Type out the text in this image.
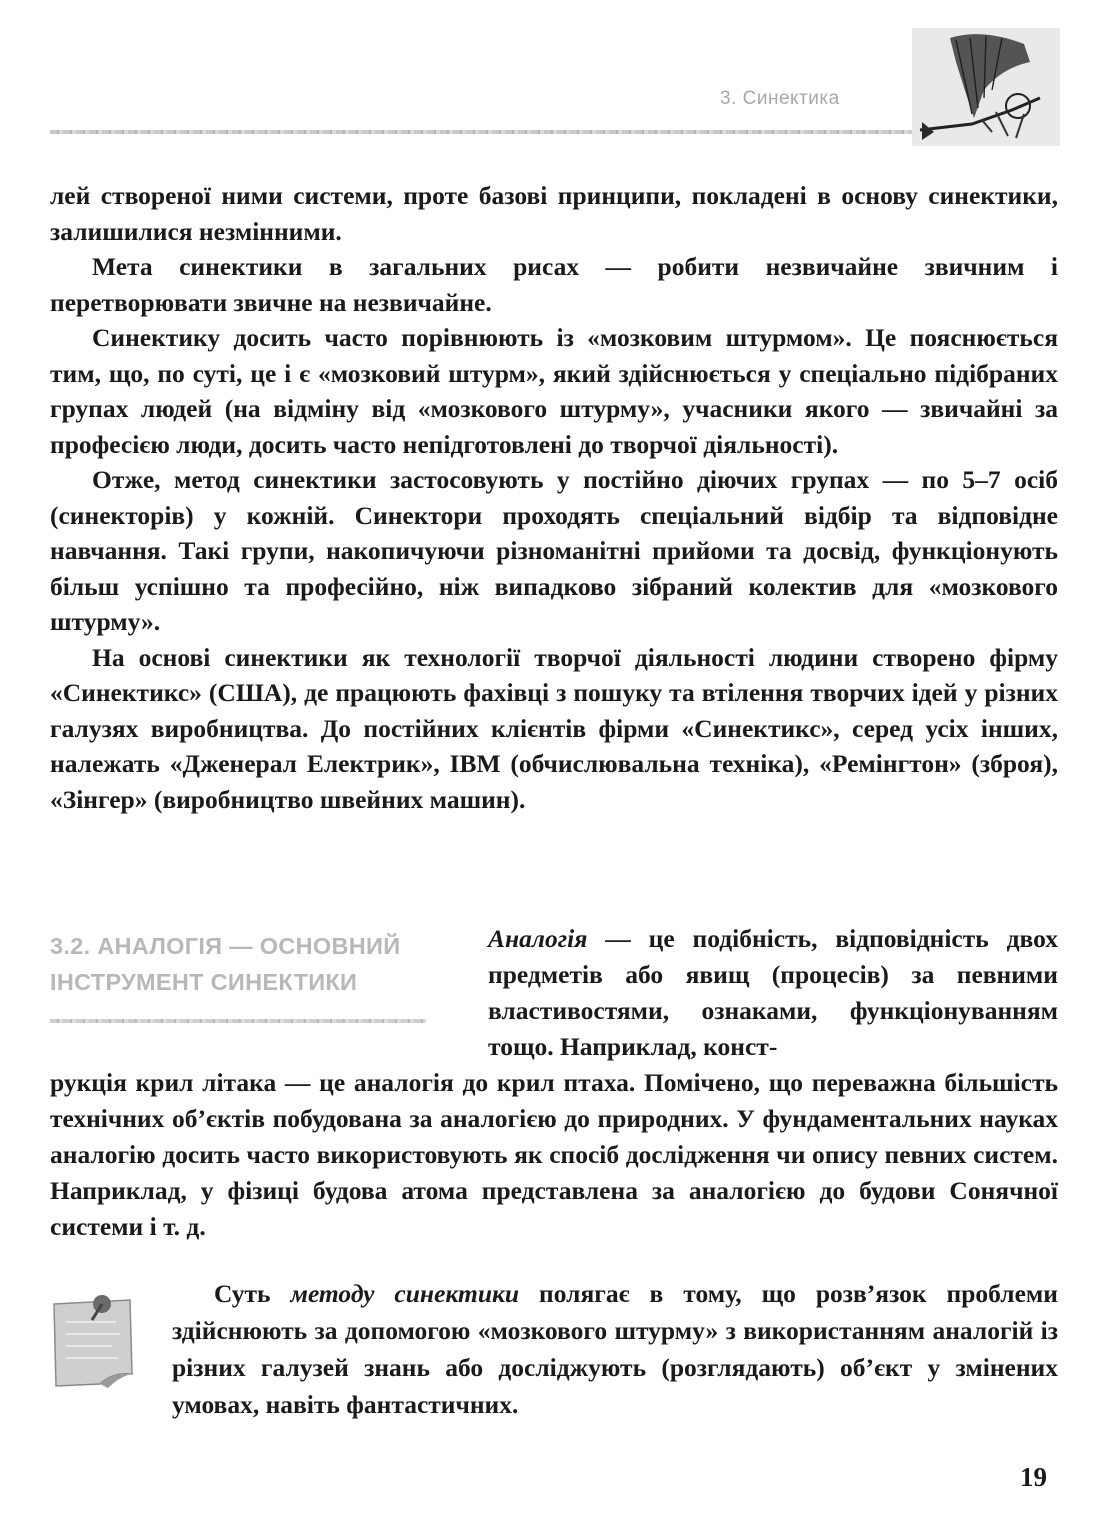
3. Синектика

лей створеної ними системи, проте базові принципи, покладені в основу синектики, залишилися незмінними.

Мета синектики в загальних рисах — робити незвичайне звичним і перетворювати звичне на незвичайне.

Синектику досить часто порівнюють із «мозковим штурмом». Це пояснюється тим, що, по суті, це і є «мозковий штурм», який здійснюється у спеціально підібраних групах людей (на відміну від «мозкового штурму», учасники якого — звичайні за професією люди, досить часто непідготовлені до творчої діяльності).

Отже, метод синектики застосовують у постійно діючих групах — по 5–7 осіб (синекторів) у кожній. Синектори проходять спеціальний відбір та відповідне навчання. Такі групи, накопичуючи різноманітні прийоми та досвід, функціонують більш успішно та професійно, ніж випадково зібраний колектив для «мозкового штурму».

На основі синектики як технології творчої діяльності людини створено фірму «Синектикс» (США), де працюють фахівці з пошуку та втілення творчих ідей у різних галузях виробництва. До постійних клієнтів фірми «Синектикс», серед усіх інших, належать «Дженерал Електрик», IBM (обчислювальна техніка), «Ремінгтон» (зброя), «Зінгер» (виробництво швейних машин).

3.2. АНАЛОГІЯ — ОСНОВНИЙ
ІНСТРУМЕНТ СИНЕКТИКИ

Аналогія — це подібність, відповідність двох предметів або явищ (процесів) за певними властивостями, ознаками, функціонуванням тощо. Наприклад, конст-

рукція крил літака — це аналогія до крил птаха. Помічено, що переважна більшість технічних об’єктів побудована за аналогією до природних. У фундаментальних науках аналогію досить часто використовують як спосіб дослідження чи опису певних систем. Наприклад, у фізиці будова атома представлена за аналогією до будови Сонячної системи і т. д.

Суть методу синектики полягає в тому, що розв’язок проблеми здійснюють за допомогою «мозкового штурму» з використанням аналогій із різних галузей знань або досліджують (розглядають) об’єкт у змінених умовах, навіть фантастичних.

19
